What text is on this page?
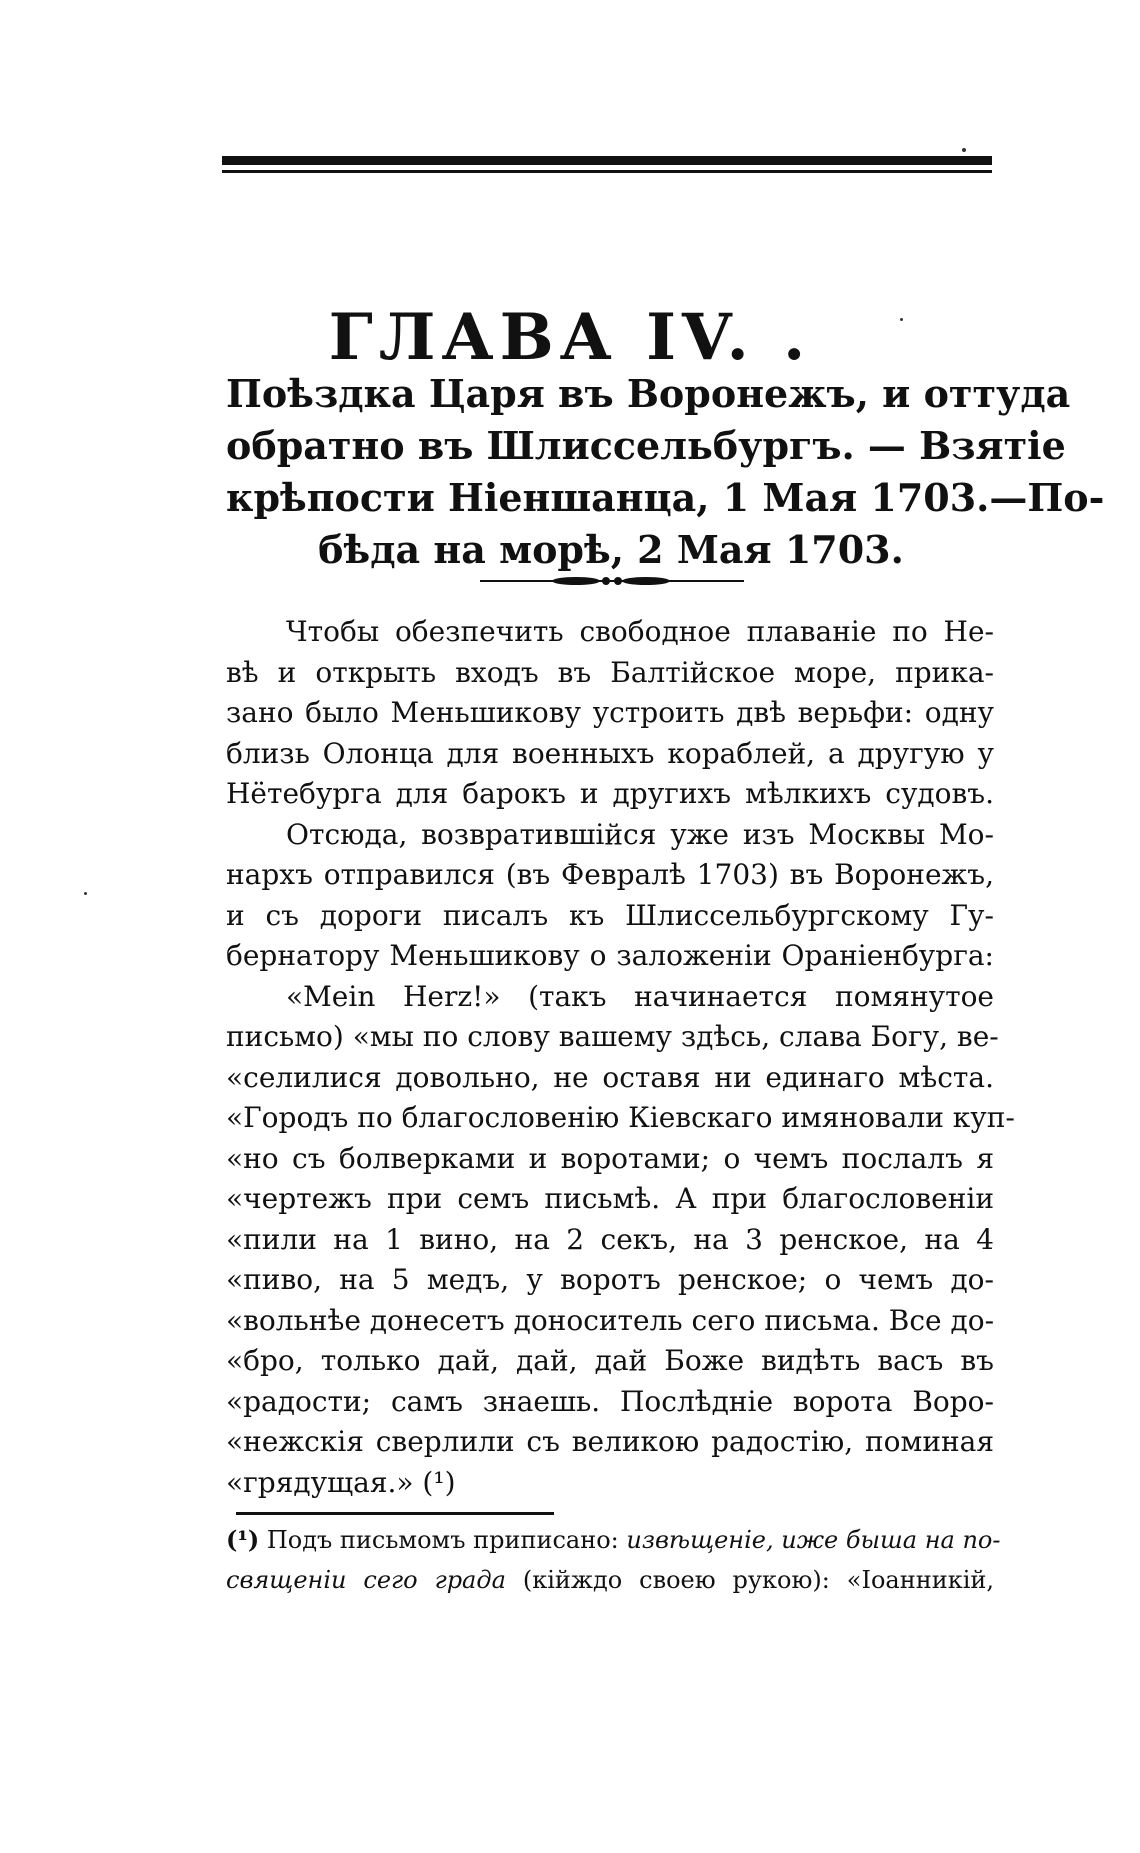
ГЛАВА IV. .
Поѣздка Царя въ Воронежъ, и оттуда
обратно въ Шлиссельбургъ. — Взятіе
крѣпости Ніеншанца, 1 Мая 1703.—По-
бѣда на морѣ, 2 Мая 1703.
Чтобы обезпечить свободное плаваніе по Не-
вѣ и открыть входъ въ Балтійское море, прика-
зано было Меньшикову устроить двѣ верьфи: одну
близь Олонца для военныхъ кораблей, а другую у
Нётебурга для барокъ и другихъ мѣлкихъ судовъ.
Отсюда, возвратившійся уже изъ Москвы Мо-
нархъ отправился (въ Февралѣ 1703) въ Воронежъ,
и съ дороги писалъ къ Шлиссельбургскому Гу-
бернатору Меньшикову о заложеніи Ораніенбурга:
«Mein Herz!» (такъ начинается помянутое
письмо) «мы по слову вашему здѣсь, слава Богу, ве-
«селилися довольно, не оставя ни единаго мѣста.
«Городъ по благословенію Кіевскаго имяновали куп-
«но съ болверками и воротами; о чемъ послалъ я
«чертежъ при семъ письмѣ. А при благословеніи
«пили на 1 вино, на 2 секъ, на 3 ренское, на 4
«пиво, на 5 медъ, у воротъ ренское; о чемъ до-
«вольнѣе донесетъ доноситель сего письма. Все до-
«бро, только дай, дай, дай Боже видѣть васъ въ
«радости; самъ знаешь. Послѣдніе ворота Воро-
«нежскія сверлили съ великою радостію, поминая
«грядущая.» (¹)
(¹) Подъ письмомъ приписано: извѣщеніе, иже быша на по-
священіи сего града (кійждо своею рукою): «Іоанникій,
